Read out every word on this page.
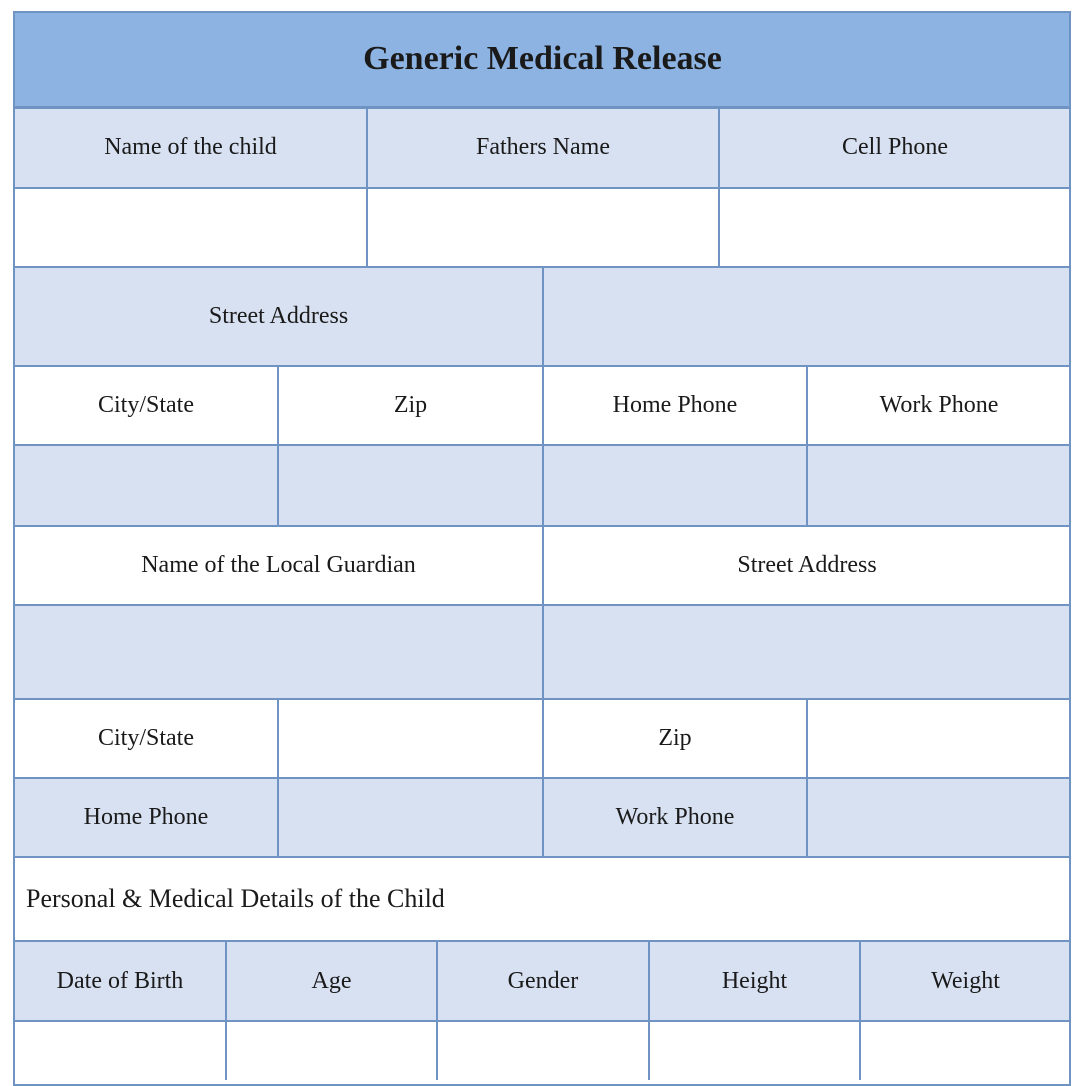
Generic Medical Release
Name of the child	Fathers Name	Cell Phone
Street Address
City/State	Zip	Home Phone	Work Phone
Name of the Local Guardian	Street Address
City/State	Zip
Home Phone	Work Phone
Personal & Medical Details of the Child
Date of Birth	Age	Gender	Height	Weight
